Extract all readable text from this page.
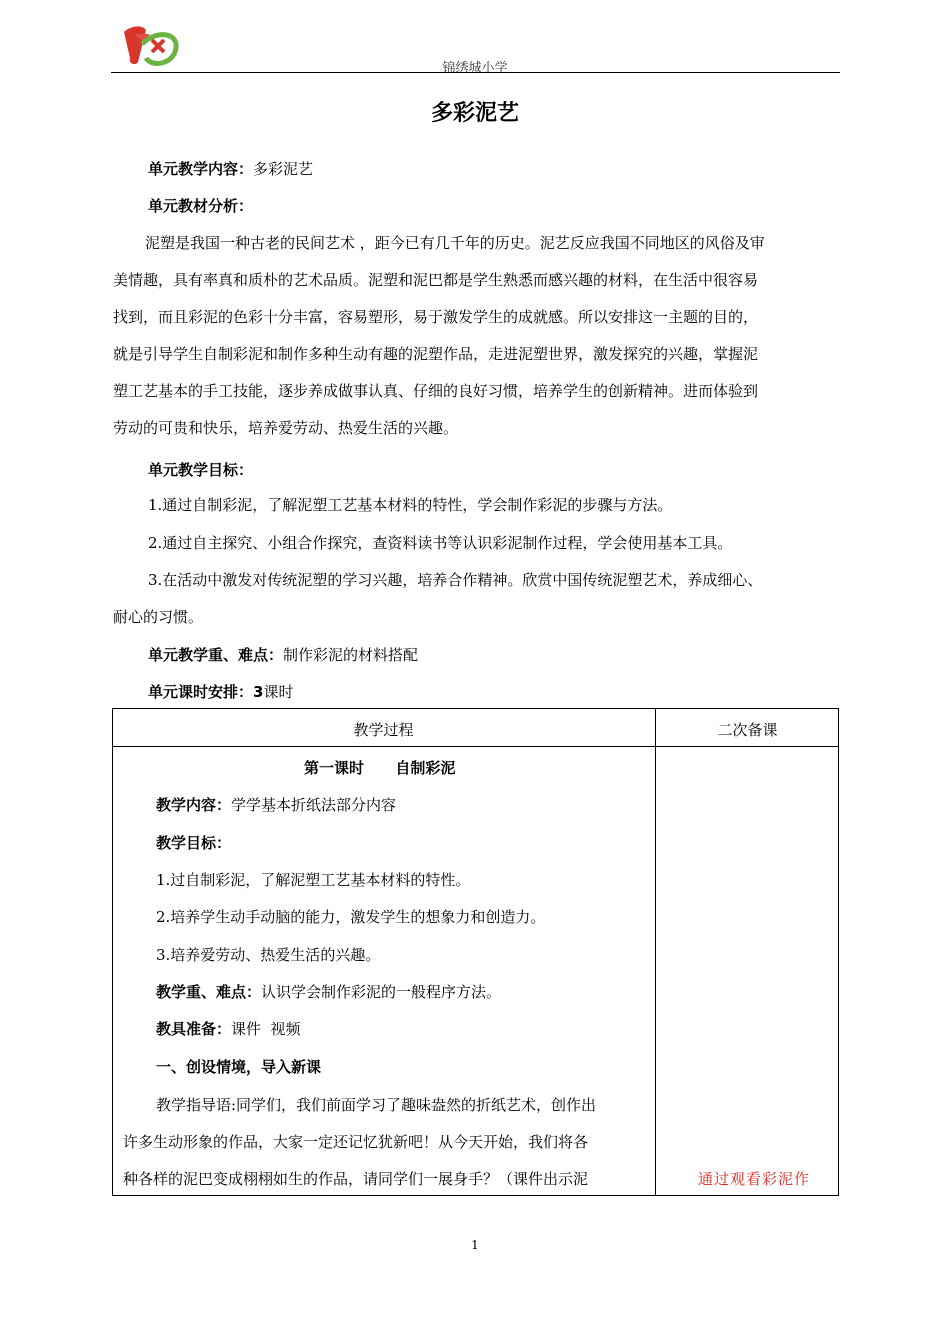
锦绣城小学
多彩泥艺
单元教学内容：多彩泥艺
单元教材分析：
泥塑是我国一种古老的民间艺术 ，距今已有几千年的历史。泥艺反应我国不同地区的风俗及审
美情趣，具有率真和质朴的艺术品质。泥塑和泥巴都是学生熟悉而感兴趣的材料，在生活中很容易
找到，而且彩泥的色彩十分丰富，容易塑形，易于激发学生的成就感。所以安排这一主题的目的，
就是引导学生自制彩泥和制作多种生动有趣的泥塑作品，走进泥塑世界，激发探究的兴趣，掌握泥
塑工艺基本的手工技能，逐步养成做事认真、仔细的良好习惯，培养学生的创新精神。进而体验到
劳动的可贵和快乐，培养爱劳动、热爱生活的兴趣。
单元教学目标：
1.通过自制彩泥，了解泥塑工艺基本材料的特性，学会制作彩泥的步骤与方法。
2.通过自主探究、小组合作探究，查资料读书等认识彩泥制作过程，学会使用基本工具。
3.在活动中激发对传统泥塑的学习兴趣，培养合作精神。欣赏中国传统泥塑艺术，养成细心、
耐心的习惯。
单元教学重、难点：制作彩泥的材料搭配
单元课时安排：3课时
教学过程	二次备课
第一课时      自制彩泥
教学内容：学学基本折纸法部分内容
教学目标：
1.过自制彩泥，了解泥塑工艺基本材料的特性。
2.培养学生动手动脑的能力，激发学生的想象力和创造力。
3.培养爱劳动、热爱生活的兴趣。
教学重、难点：认识学会制作彩泥的一般程序方法。
教具准备：课件  视频
一、创设情境，导入新课
教学指导语:同学们，我们前面学习了趣味盎然的折纸艺术，创作出
许多生动形象的作品，大家一定还记忆犹新吧！从今天开始，我们将各
种各样的泥巴变成栩栩如生的作品，请同学们一展身手？（课件出示泥	通过观看彩泥作
1
